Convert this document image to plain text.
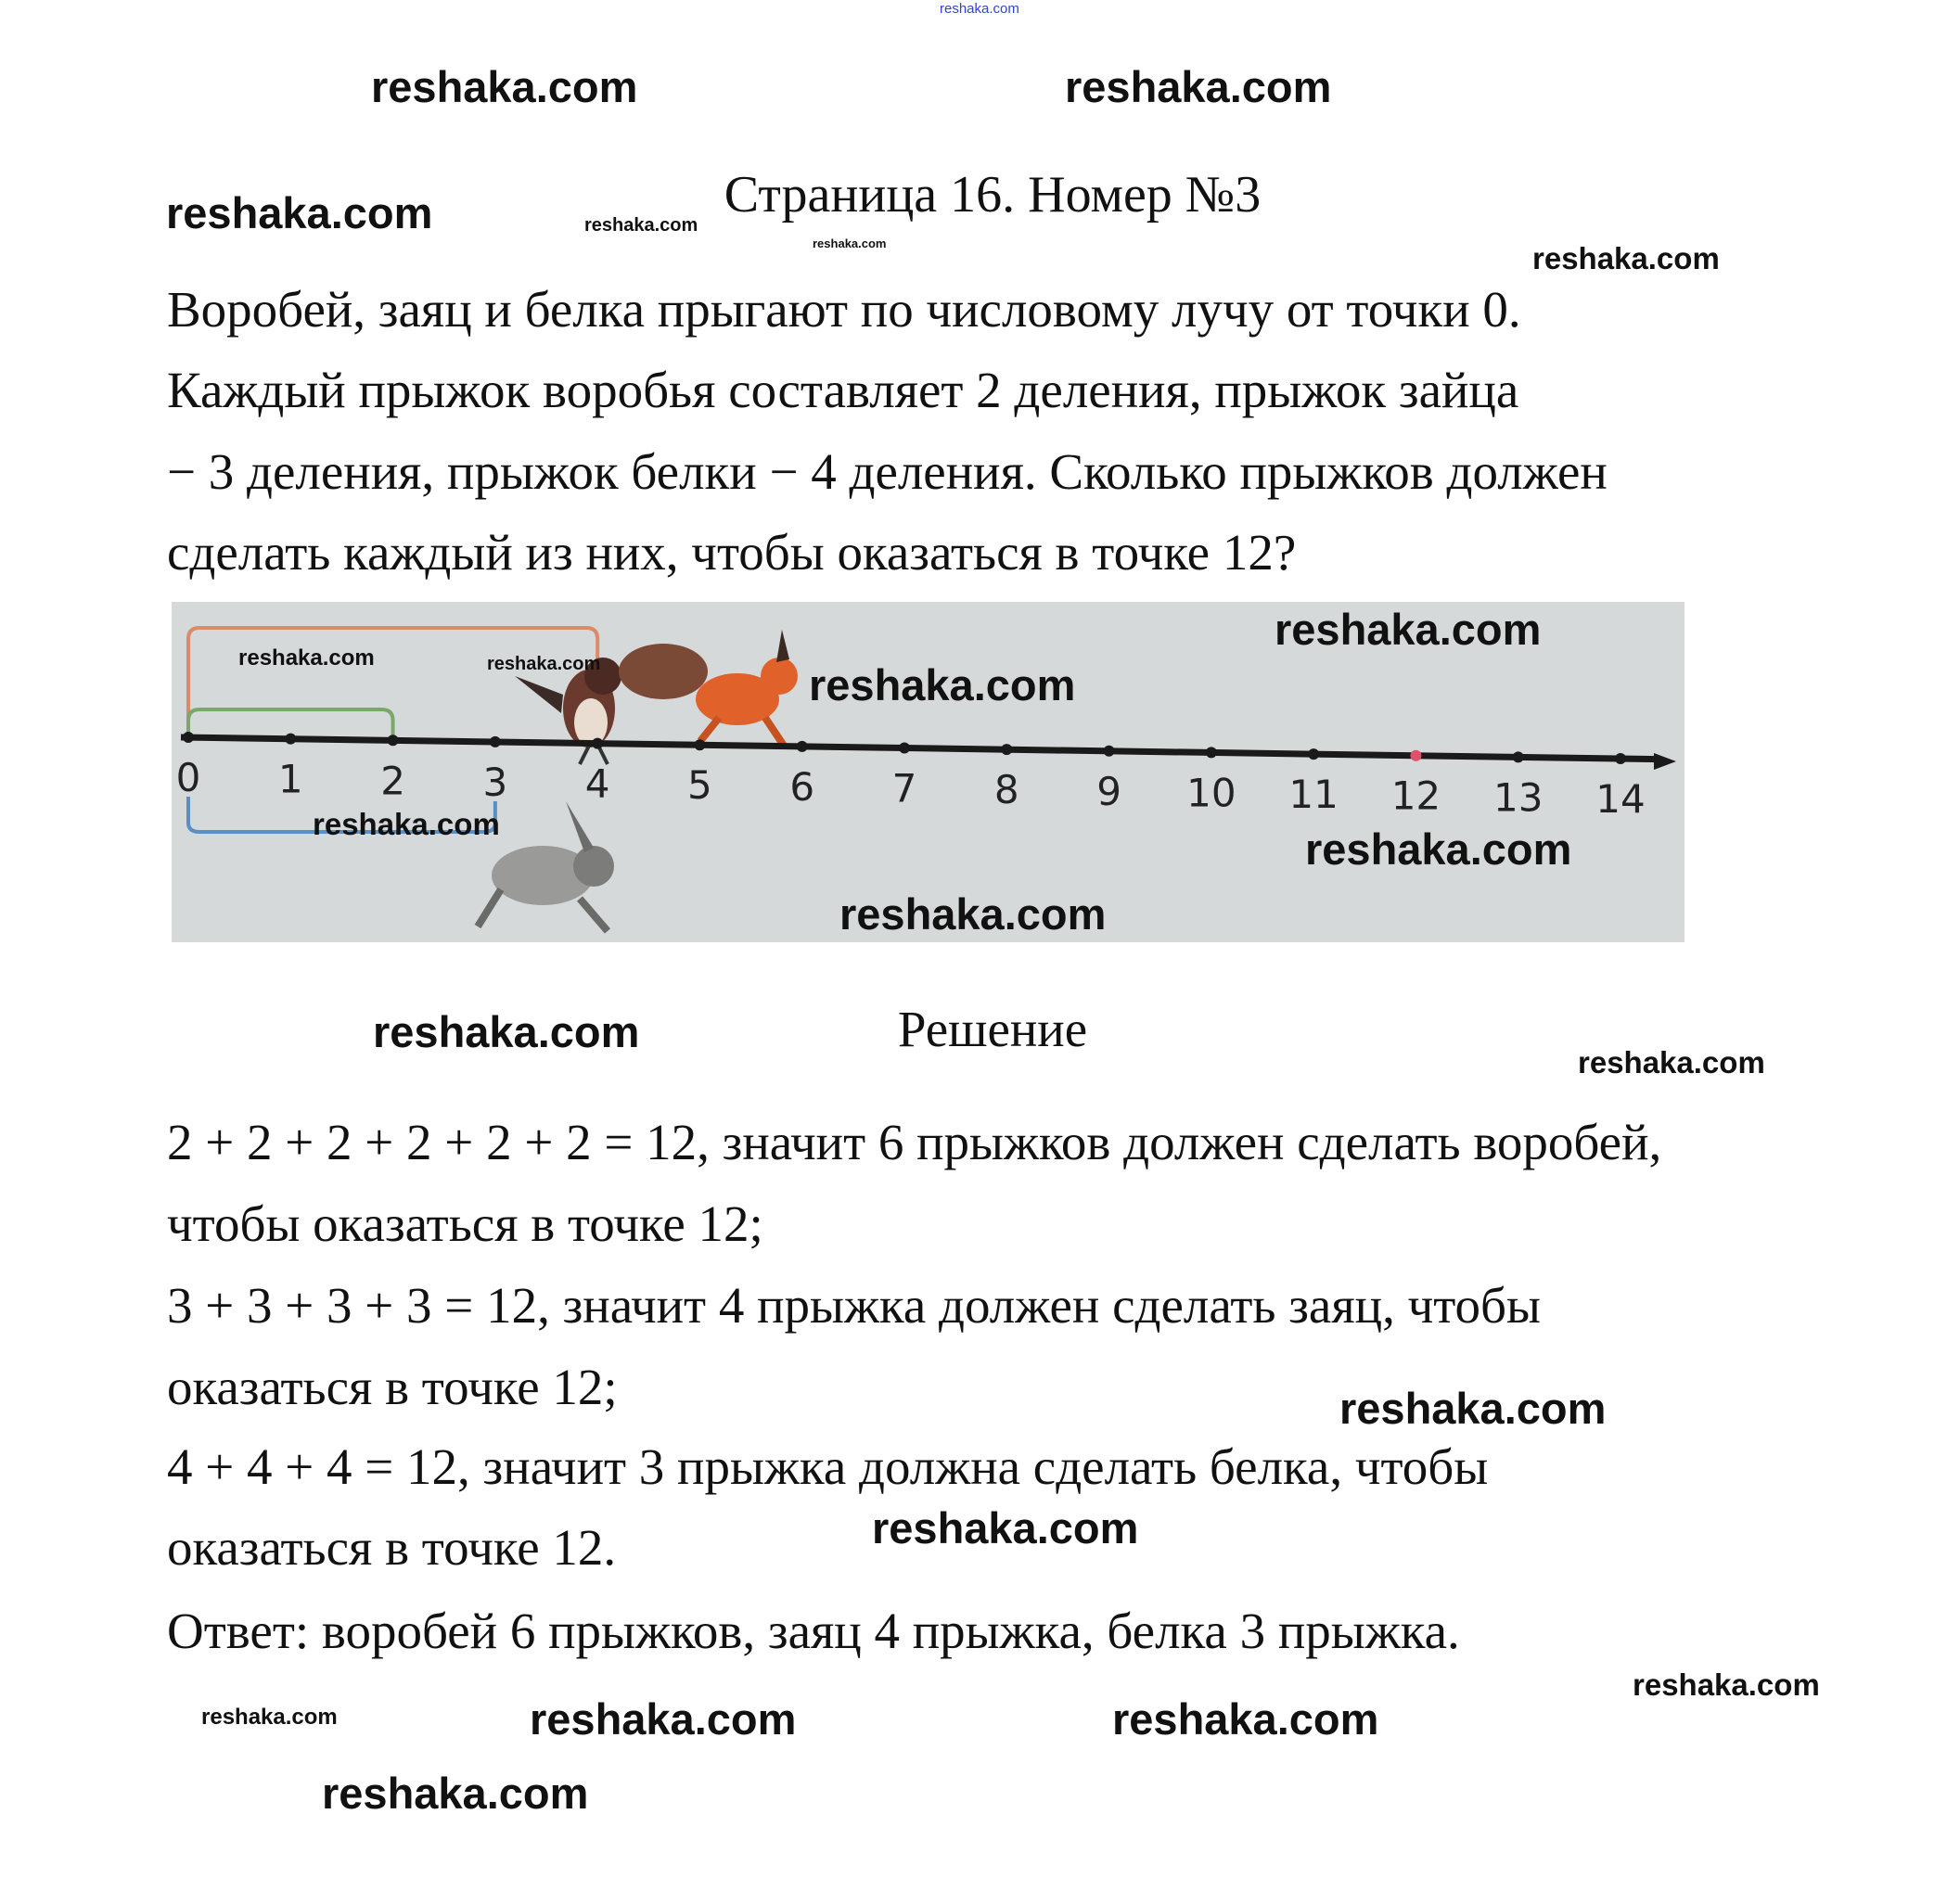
reshaka.com
Страница 16. Номер №3
Воробей, заяц и белка прыгают по числовому лучу от точки 0.
Каждый прыжок воробья составляет 2 деления, прыжок зайца
− 3 деления, прыжок белки − 4 деления. Сколько прыжков должен
сделать каждый из них, чтобы оказаться в точке 12?
0 1 2 3 4 5 6 7 8 9 10 11 12 13 14
Решение
2 + 2 + 2 + 2 + 2 + 2 = 12, значит 6 прыжков должен сделать воробей,
чтобы оказаться в точке 12;
3 + 3 + 3 + 3 = 12, значит 4 прыжка должен сделать заяц, чтобы
оказаться в точке 12;
4 + 4 + 4 = 12, значит 3 прыжка должна сделать белка, чтобы
оказаться в точке 12.
Ответ: воробей 6 прыжков, заяц 4 прыжка, белка 3 прыжка.
reshaka.com	reshaka.com
reshaka.com	reshaka.com
reshaka.com
reshaka.com
reshaka.com
reshaka.com	reshaka.com	reshaka.com
reshaka.com
reshaka.com
reshaka.com
reshaka.com
reshaka.com
reshaka.com
reshaka.com	reshaka.com
reshaka.com
reshaka.com
reshaka.com
reshaka.com
